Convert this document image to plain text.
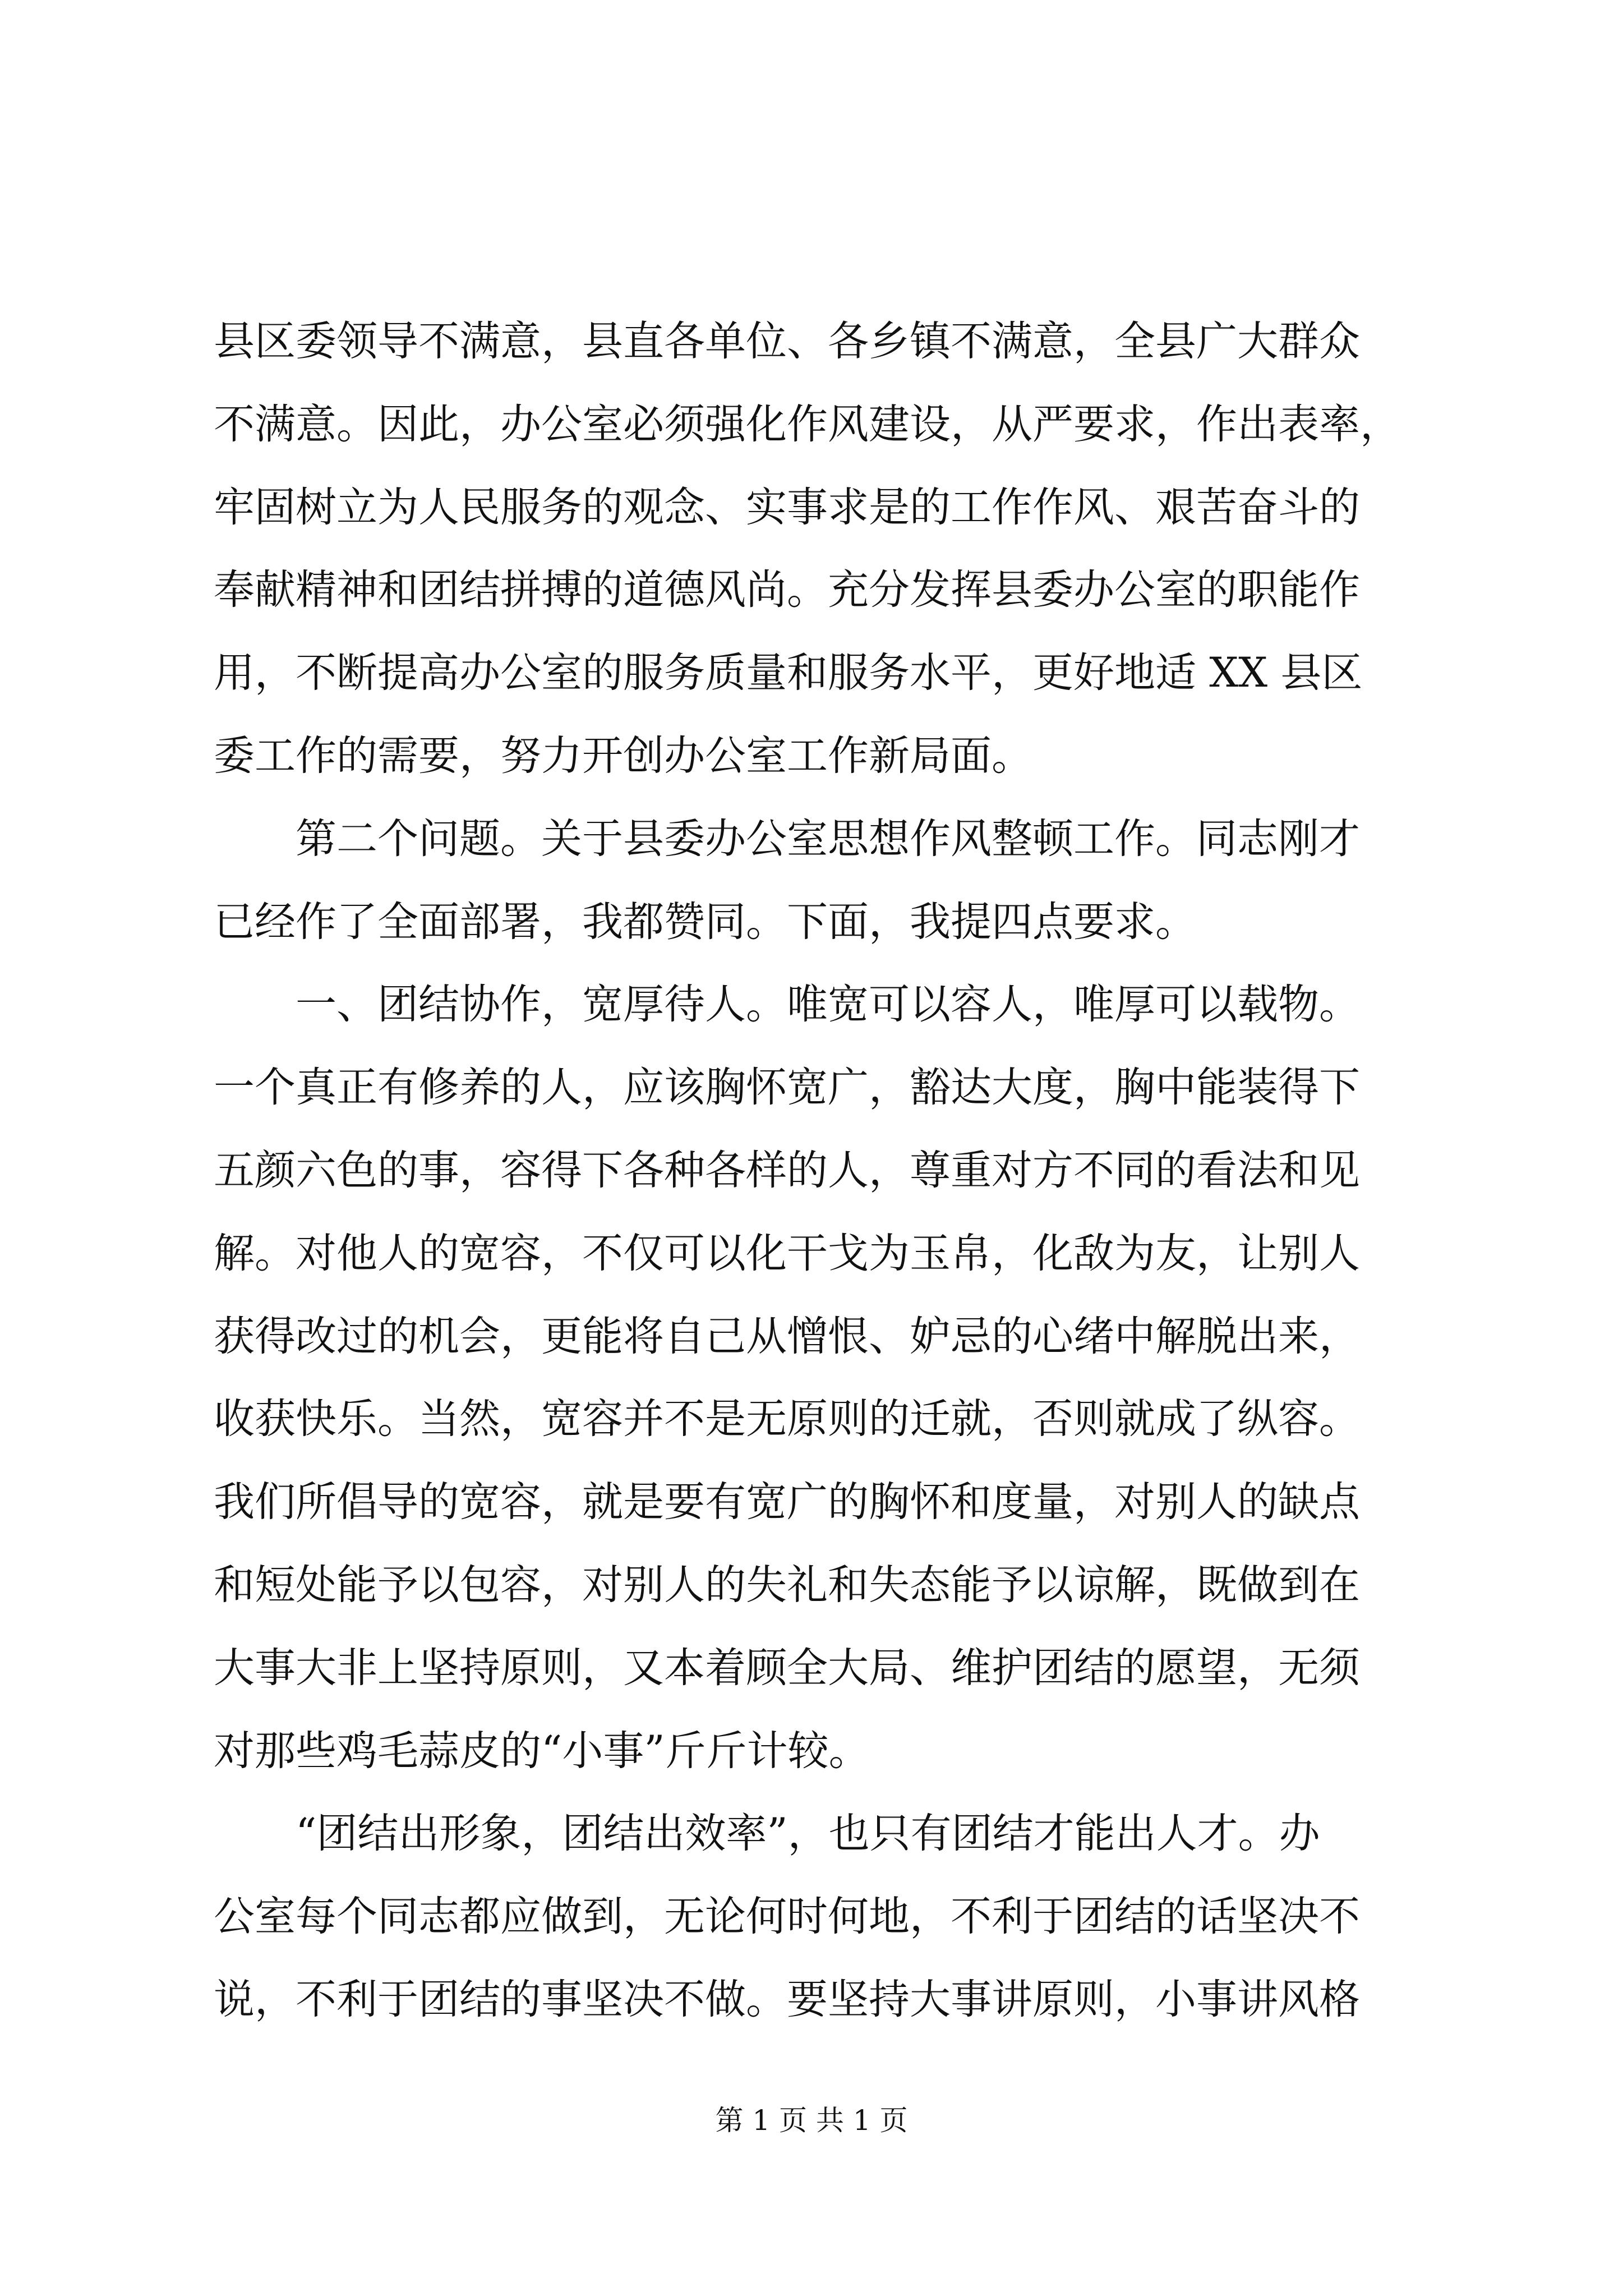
县区委领导不满意，县直各单位、各乡镇不满意，全县广大群众
不满意。因此，办公室必须强化作风建设，从严要求，作出表率，
牢固树立为人民服务的观念、实事求是的工作作风、艰苦奋斗的
奉献精神和团结拼搏的道德风尚。充分发挥县委办公室的职能作
用，不断提高办公室的服务质量和服务水平，更好地适 XX 县区
委工作的需要，努力开创办公室工作新局面。
第二个问题。关于县委办公室思想作风整顿工作。同志刚才
已经作了全面部署，我都赞同。下面，我提四点要求。
一、团结协作，宽厚待人。唯宽可以容人，唯厚可以载物。
一个真正有修养的人，应该胸怀宽广，豁达大度，胸中能装得下
五颜六色的事，容得下各种各样的人，尊重对方不同的看法和见
解。对他人的宽容，不仅可以化干戈为玉帛，化敌为友，让别人
获得改过的机会，更能将自己从憎恨、妒忌的心绪中解脱出来，
收获快乐。当然，宽容并不是无原则的迁就，否则就成了纵容。
我们所倡导的宽容，就是要有宽广的胸怀和度量，对别人的缺点
和短处能予以包容，对别人的失礼和失态能予以谅解，既做到在
大事大非上坚持原则，又本着顾全大局、维护团结的愿望，无须
对那些鸡毛蒜皮的“小事”斤斤计较。
“团结出形象，团结出效率”，也只有团结才能出人才。办
公室每个同志都应做到，无论何时何地，不利于团结的话坚决不
说，不利于团结的事坚决不做。要坚持大事讲原则，小事讲风格
第 1 页 共 1 页
